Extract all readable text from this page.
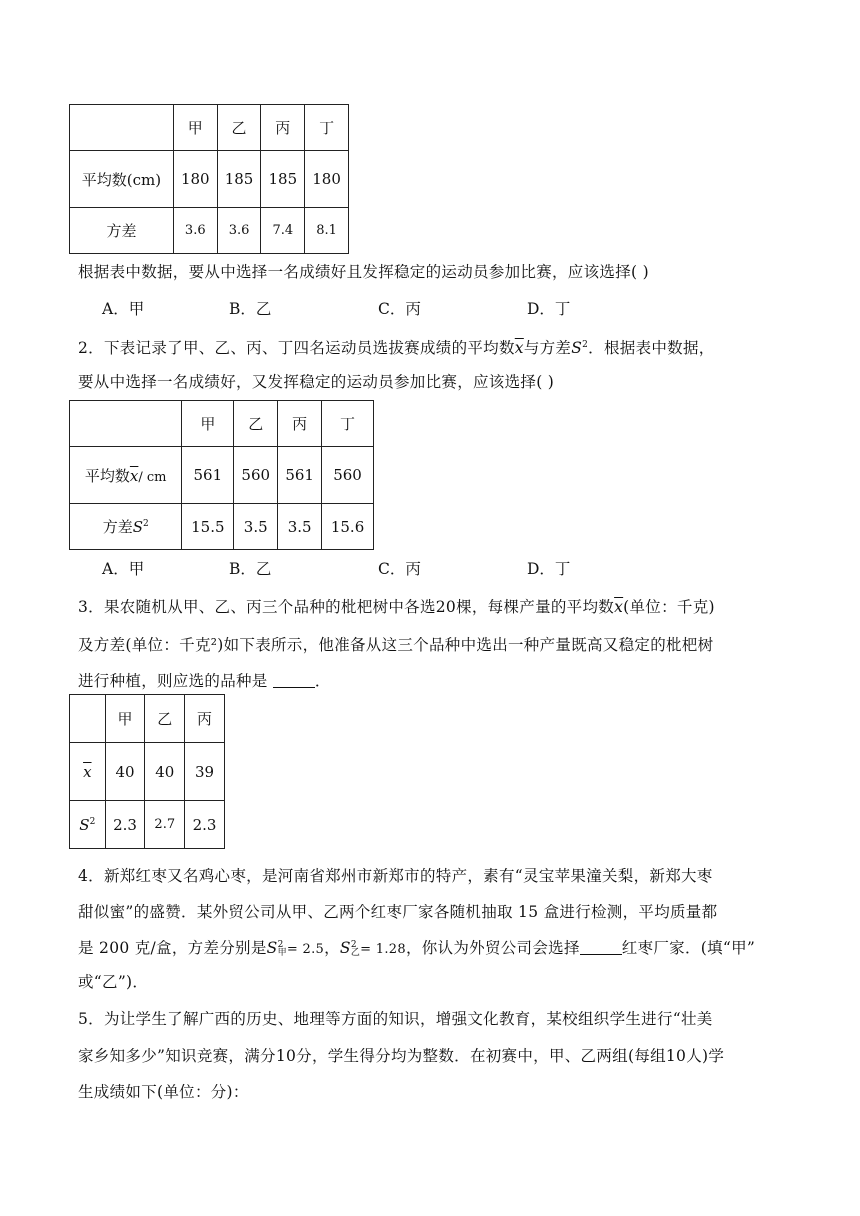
	甲	乙	丙	丁
平均数(cm)	180	185	185	180
方差	3.6	3.6	7.4	8.1
根据表中数据，要从中选择一名成绩好且发挥稳定的运动员参加比赛，应该选择( )
A．甲	B．乙	C．丙	D．丁
2．下表记录了甲、乙、丙、丁四名运动员选拔赛成绩的平均数$\overline{x}$与方差$S^2$．根据表中数据，
要从中选择一名成绩好，又发挥稳定的运动员参加比赛，应该选择( )
	甲	乙	丙	丁
平均数$\overline{x}/$ cm	561	560	561	560
方差$S^2$	15.5	3.5	3.5	15.6
A．甲	B．乙	C．丙	D．丁
3．果农随机从甲、乙、丙三个品种的枇杷树中各选20棵，每棵产量的平均数$\overline{x}$(单位：千克)
及方差(单位：千克²)如下表所示，他准备从这三个品种中选出一种产量既高又稳定的枇杷树
进行种植，则应选的品种是	．
	甲	乙	丙
$\overline{x}$	40	40	39
$S^2$	2.3	2.7	2.3
4．新郑红枣又名鸡心枣，是河南省郑州市新郑市的特产，素有“灵宝苹果潼关梨，新郑大枣
甜似蜜”的盛赞．某外贸公司从甲、乙两个红枣厂家各随机抽取 15 盒进行检测，平均质量都
是 200 克/盒，方差分别是S2
甲= 2.5，S2
乙= 1.28，你认为外贸公司会选择	红枣厂家．(填“甲”
或“乙”)．
5．为让学生了解广西的历史、地理等方面的知识，增强文化教育，某校组织学生进行“壮美
家乡知多少”知识竞赛，满分10分，学生得分均为整数．在初赛中，甲、乙两组(每组10人)学
生成绩如下(单位：分)：
